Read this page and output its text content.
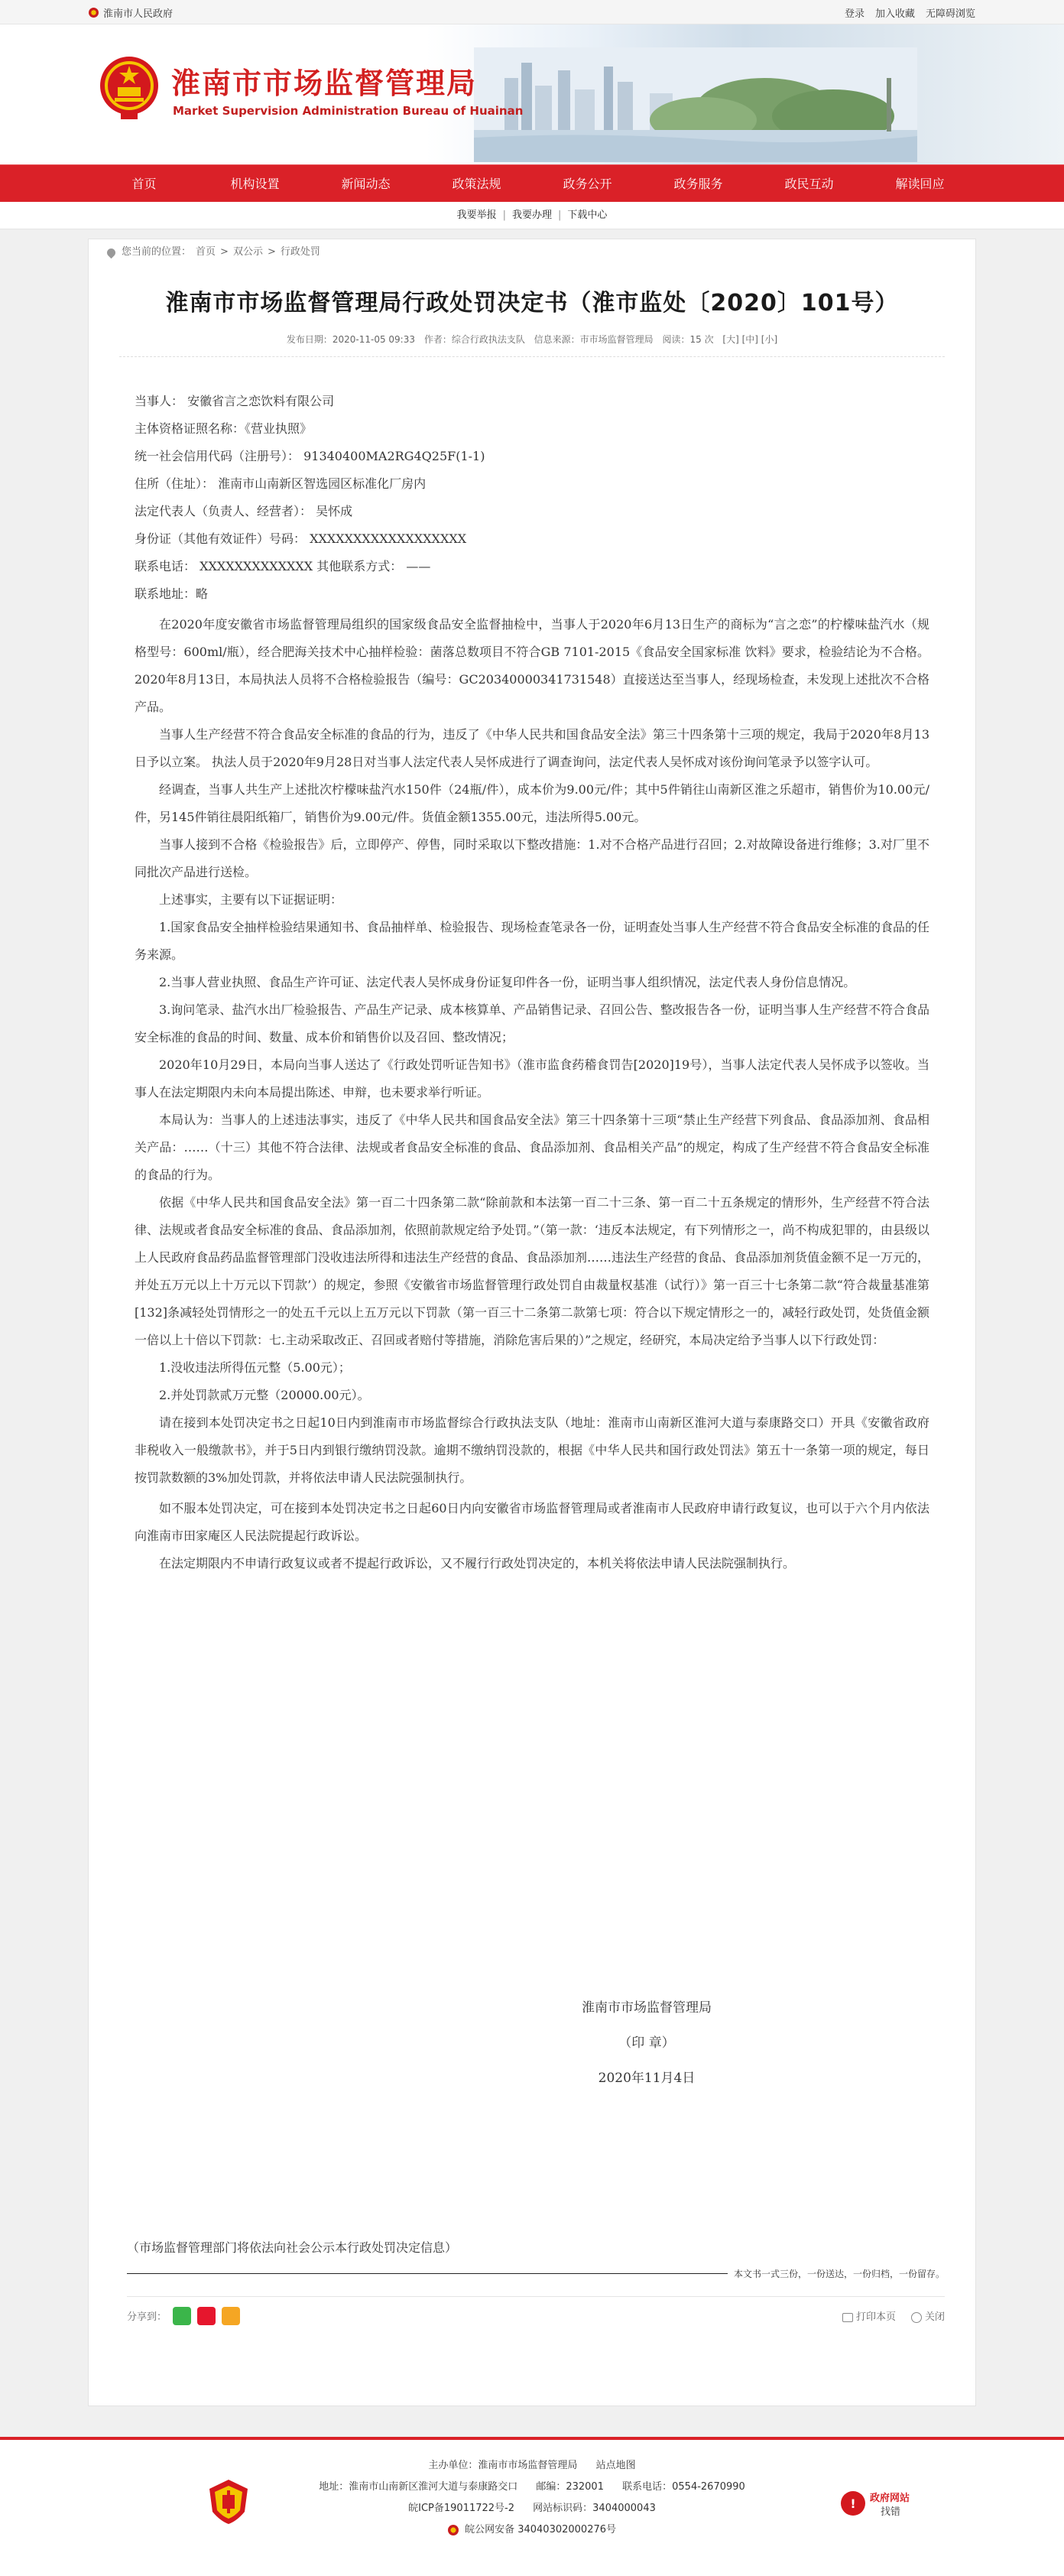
淮南市人民政府	登录 加入收藏 无障碍浏览
淮南市市场监督管理局
Market Supervision Administration Bureau of Huainan
首页	机构设置	新闻动态	政策法规	政务公开	政务服务	政民互动	解读回应
我要举报 | 我要办理 | 下载中心
您当前的位置： 首页 > 双公示 > 行政处罚
淮南市市场监督管理局行政处罚决定书（淮市监处〔2020〕101号）
发布日期：2020-11-05 09:33 作者：综合行政执法支队 信息来源：市市场监督管理局 阅读：15 次 [大] [中] [小]

当事人： 安徽省言之恋饮料有限公司

主体资格证照名称：《营业执照》

统一社会信用代码（注册号）： 91340400MA2RG4Q25F(1-1)

住所（住址）： 淮南市山南新区智选园区标准化厂房内

法定代表人（负责人、经营者）： 吴怀成

身份证（其他有效证件）号码： XXXXXXXXXXXXXXXXXX

联系电话： XXXXXXXXXXXXX 其他联系方式： ——

联系地址：略

在2020年度安徽省市场监督管理局组织的国家级食品安全监督抽检中，当事人于2020年6月13日生产的商标为“言之恋”的柠檬味盐汽水（规格型号：600ml/瓶），经合肥海关技术中心抽样检验：菌落总数项目不符合GB 7101-2015《食品安全国家标准 饮料》要求，检验结论为不合格。2020年8月13日，本局执法人员将不合格检验报告（编号：GC20340000341731548）直接送达至当事人，经现场检查，未发现上述批次不合格产品。

当事人生产经营不符合食品安全标准的食品的行为，违反了《中华人民共和国食品安全法》第三十四条第十三项的规定，我局于2020年8月13日予以立案。 执法人员于2020年9月28日对当事人法定代表人吴怀成进行了调查询问，法定代表人吴怀成对该份询问笔录予以签字认可。

经调查，当事人共生产上述批次柠檬味盐汽水150件（24瓶/件），成本价为9.00元/件；其中5件销往山南新区淮之乐超市，销售价为10.00元/件，另145件销往晨阳纸箱厂，销售价为9.00元/件。货值金额1355.00元，违法所得5.00元。

当事人接到不合格《检验报告》后，立即停产、停售，同时采取以下整改措施：1.对不合格产品进行召回；2.对故障设备进行维修；3.对厂里不同批次产品进行送检。

上述事实，主要有以下证据证明：

1.国家食品安全抽样检验结果通知书、食品抽样单、检验报告、现场检查笔录各一份，证明查处当事人生产经营不符合食品安全标准的食品的任务来源。

2.当事人营业执照、食品生产许可证、法定代表人吴怀成身份证复印件各一份，证明当事人组织情况，法定代表人身份信息情况。

3.询问笔录、盐汽水出厂检验报告、产品生产记录、成本核算单、产品销售记录、召回公告、整改报告各一份，证明当事人生产经营不符合食品安全标准的食品的时间、数量、成本价和销售价以及召回、整改情况；

2020年10月29日，本局向当事人送达了《行政处罚听证告知书》（淮市监食药稽食罚告[2020]19号），当事人法定代表人吴怀成予以签收。当事人在法定期限内未向本局提出陈述、申辩，也未要求举行听证。

本局认为：当事人的上述违法事实，违反了《中华人民共和国食品安全法》第三十四条第十三项“禁止生产经营下列食品、食品添加剂、食品相关产品：……（十三）其他不符合法律、法规或者食品安全标准的食品、食品添加剂、食品相关产品”的规定，构成了生产经营不符合食品安全标准的食品的行为。

依据《中华人民共和国食品安全法》第一百二十四条第二款“除前款和本法第一百二十三条、第一百二十五条规定的情形外，生产经营不符合法律、法规或者食品安全标准的食品、食品添加剂，依照前款规定给予处罚。”（第一款：‘违反本法规定，有下列情形之一，尚不构成犯罪的，由县级以上人民政府食品药品监督管理部门没收违法所得和违法生产经营的食品、食品添加剂……违法生产经营的食品、食品添加剂货值金额不足一万元的，并处五万元以上十万元以下罚款’）的规定，参照《安徽省市场监督管理行政处罚自由裁量权基准（试行）》第一百三十七条第二款“符合裁量基准第[132]条减轻处罚情形之一的处五千元以上五万元以下罚款（第一百三十二条第二款第七项：符合以下规定情形之一的，减轻行政处罚，处货值金额一倍以上十倍以下罚款：七.主动采取改正、召回或者赔付等措施，消除危害后果的）”之规定，经研究，本局决定给予当事人以下行政处罚：

1.没收违法所得伍元整（5.00元）；

2.并处罚款贰万元整（20000.00元）。

请在接到本处罚决定书之日起10日内到淮南市市场监督综合行政执法支队（地址：淮南市山南新区淮河大道与泰康路交口）开具《安徽省政府非税收入一般缴款书》，并于5日内到银行缴纳罚没款。逾期不缴纳罚没款的，根据《中华人民共和国行政处罚法》第五十一条第一项的规定，每日按罚款数额的3%加处罚款，并将依法申请人民法院强制执行。

如不服本处罚决定，可在接到本处罚决定书之日起60日内向安徽省市场监督管理局或者淮南市人民政府申请行政复议，也可以于六个月内依法向淮南市田家庵区人民法院提起行政诉讼。

在法定期限内不申请行政复议或者不提起行政诉讼，又不履行行政处罚决定的，本机关将依法申请人民法院强制执行。

淮南市市场监督管理局
（印 章）
2020年11月4日
（市场监督管理部门将依法向社会公示本行政处罚决定信息）
本文书一式三份，一份送达，一份归档，一份留存。
分享到：	打印本页	关闭
主办单位：淮南市市场监督管理局 站点地图
地址：淮南市山南新区淮河大道与泰康路交口 邮编：232001 联系电话：0554-2670990
皖ICP备19011722号-2 网站标识码：3404000043
皖公网安备 34040302000276号
! 政府网站
找错
